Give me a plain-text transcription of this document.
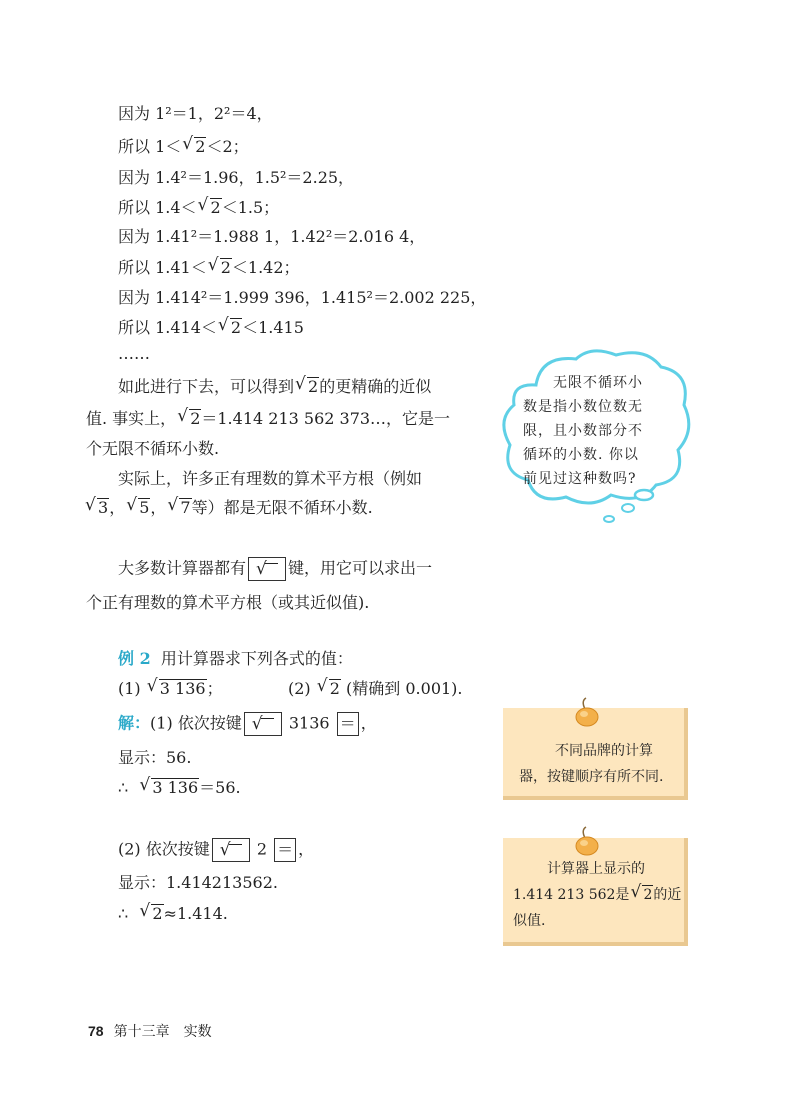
因为 1²＝1，2²＝4，
所以 1＜ √ 2＜2；
因为 1.4²＝1.96，1.5²＝2.25，
所以 1.4＜ √ 2＜1.5；
因为 1.41²＝1.988 1，1.42²＝2.016 4，
所以 1.41＜ √ 2＜1.42；
因为 1.414²＝1.999 396，1.415²＝2.002 225，
所以 1.414＜ √ 2＜1.415
……
如此进行下去，可以得到 √ 2的更精确的近似
值. 事实上， √ 2＝1.414 213 562 373…，它是一
个无限不循环小数.
实际上，许多正有理数的算术平方根（例如
√ 3， √ 5， √ 7等）都是无限不循环小数.
大多数计算器都有 √ 键，用它可以求出一
个正有理数的算术平方根（或其近似值).
例 2 用计算器求下列各式的值：
(1) √ 3 136；	(2) √ 2 (精确到 0.001).
解：(1) 依次按键 √ 3136 ＝ ，
显示：56.
∴ √ 3 136＝56.
(2) 依次按键 √ 2 ＝ ，
显示：1.414213562.
∴ √ 2≈1.414.
无限不循环小
数是指小数位数无
限，且小数部分不
循环的小数. 你以
前见过这种数吗?
不同品牌的计算
器，按键顺序有所不同.
计算器上显示的
1.414 213 562是 √ 2的近
似值.
78 第十三章　实数
